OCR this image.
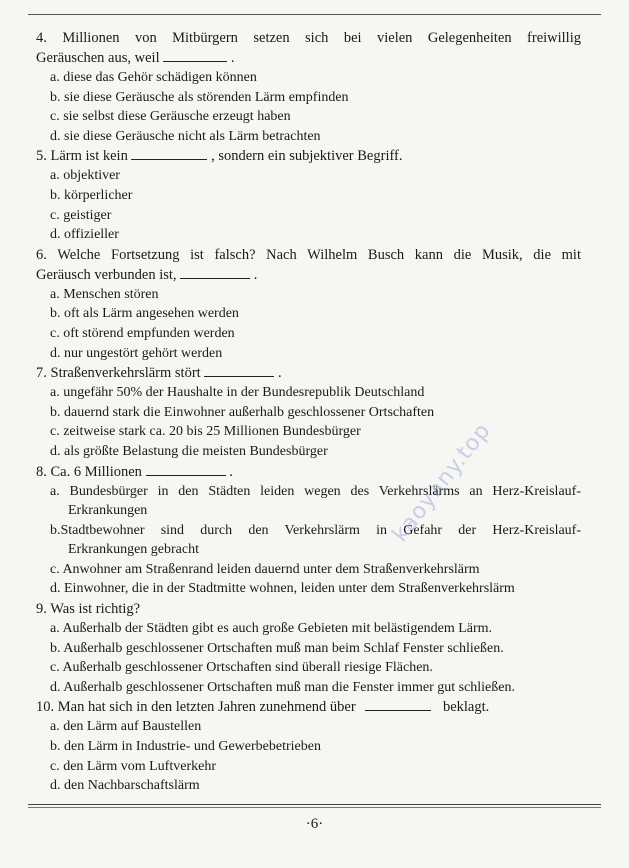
4. Millionen von Mitbürgern setzen sich bei vielen Gelegenheiten freiwillig
Geräuschen aus, weil	.
a. diese das Gehör schädigen können
b. sie diese Geräusche als störenden Lärm empfinden
c. sie selbst diese Geräusche erzeugt haben
d. sie diese Geräusche nicht als Lärm betrachten
5. Lärm ist kein	, sondern ein subjektiver Begriff.
a. objektiver
b. körperlicher
c. geistiger
d. offizieller
6. Welche Fortsetzung ist falsch? Nach Wilhelm Busch kann die Musik, die mit
Geräusch verbunden ist,	.
a. Menschen stören
b. oft als Lärm angesehen werden
c. oft störend empfunden werden
d. nur ungestört gehört werden
7. Straßenverkehrslärm stört	.
a. ungefähr 50% der Haushalte in der Bundesrepublik Deutschland
b. dauernd stark die Einwohner außerhalb geschlossener Ortschaften
c. zeitweise stark ca. 20 bis 25 Millionen Bundesbürger
d. als größte Belastung die meisten Bundesbürger
8. Ca. 6 Millionen	.
a. Bundesbürger in den Städten leiden wegen des Verkehrslärms an Herz-Kreislauf-
Erkrankungen
b.Stadtbewohner sind durch den Verkehrslärm in Gefahr der Herz-Kreislauf-
Erkrankungen gebracht
c. Anwohner am Straßenrand leiden dauernd unter dem Straßenverkehrslärm
d. Einwohner, die in der Stadtmitte wohnen, leiden unter dem Straßenverkehrslärm
9. Was ist richtig?
a. Außerhalb der Städten gibt es auch große Gebieten mit belästigendem Lärm.
b. Außerhalb geschlossener Ortschaften muß man beim Schlaf Fenster schließen.
c. Außerhalb geschlossener Ortschaften sind überall riesige Flächen.
d. Außerhalb geschlossener Ortschaften muß man die Fenster immer gut schließen.
10. Man hat sich in den letzten Jahren zunehmend über	beklagt.
a. den Lärm auf Baustellen
b. den Lärm in Industrie- und Gewerbebetrieben
c. den Lärm vom Luftverkehr
d. den Nachbarschaftslärm
kaoyany.top
·6·
